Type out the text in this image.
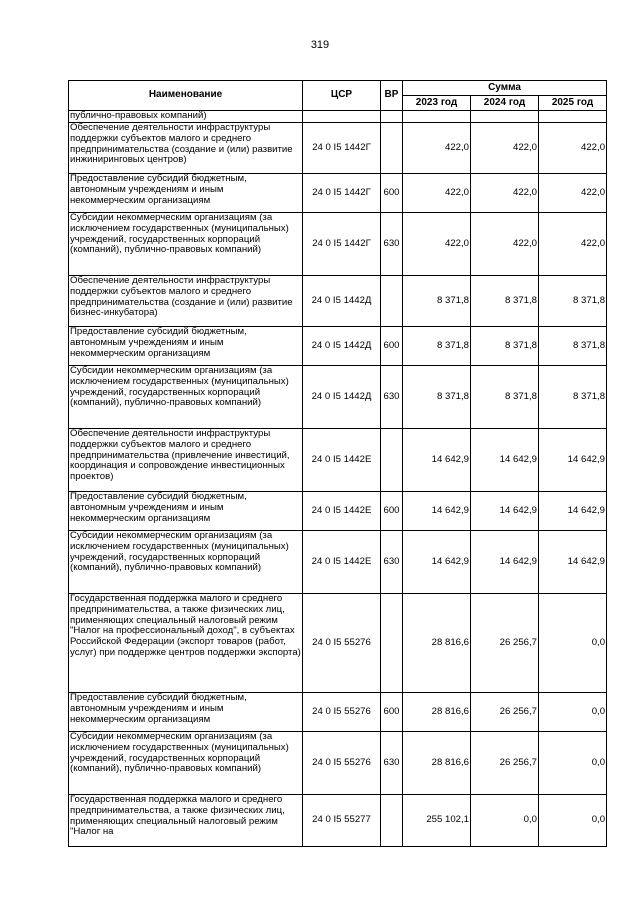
319
Наименование	ЦСР	ВР	Сумма		
			2023 год	2024 год	2025 год
публично-правовых компаний)					
Обеспечение деятельности инфраструктуры поддержки субъектов малого и среднего предпринимательства (создание и (или) развитие инжиниринговых центров)	24 0 I5 1442Г		422,0	422,0	422,0
Предоставление субсидий бюджетным, автономным учреждениям и иным некоммерческим организациям	24 0 I5 1442Г	600	422,0	422,0	422,0
Субсидии некоммерческим организациям (за исключением государственных (муниципальных) учреждений, государственных корпораций (компаний), публично-правовых компаний)	24 0 I5 1442Г	630	422,0	422,0	422,0
Обеспечение деятельности инфраструктуры поддержки субъектов малого и среднего предпринимательства (создание и (или) развитие бизнес-инкубатора)	24 0 I5 1442Д		8 371,8	8 371,8	8 371,8
Предоставление субсидий бюджетным, автономным учреждениям и иным некоммерческим организациям	24 0 I5 1442Д	600	8 371,8	8 371,8	8 371,8
Субсидии некоммерческим организациям (за исключением государственных (муниципальных) учреждений, государственных корпораций (компаний), публично-правовых компаний)	24 0 I5 1442Д	630	8 371,8	8 371,8	8 371,8
Обеспечение деятельности инфраструктуры поддержки субъектов малого и среднего предпринимательства (привлечение инвестиций, координация и сопровождение инвестиционных проектов)	24 0 I5 1442Е		14 642,9	14 642,9	14 642,9
Предоставление субсидий бюджетным, автономным учреждениям и иным некоммерческим организациям	24 0 I5 1442Е	600	14 642,9	14 642,9	14 642,9
Субсидии некоммерческим организациям (за исключением государственных (муниципальных) учреждений, государственных корпораций (компаний), публично-правовых компаний)	24 0 I5 1442Е	630	14 642,9	14 642,9	14 642,9
Государственная поддержка малого и среднего предпринимательства, а также физических лиц, применяющих специальный налоговый режим "Налог на профессиональный доход", в субъектах Российской Федерации (экспорт товаров (работ, услуг) при поддержке центров поддержки экспорта)	24 0 I5 55276		28 816,6	26 256,7	0,0
Предоставление субсидий бюджетным, автономным учреждениям и иным некоммерческим организациям	24 0 I5 55276	600	28 816,6	26 256,7	0,0
Субсидии некоммерческим организациям (за исключением государственных (муниципальных) учреждений, государственных корпораций (компаний), публично-правовых компаний)	24 0 I5 55276	630	28 816,6	26 256,7	0,0
Государственная поддержка малого и среднего предпринимательства, а также физических лиц, применяющих специальный налоговый режим "Налог на	24 0 I5 55277		255 102,1	0,0	0,0
